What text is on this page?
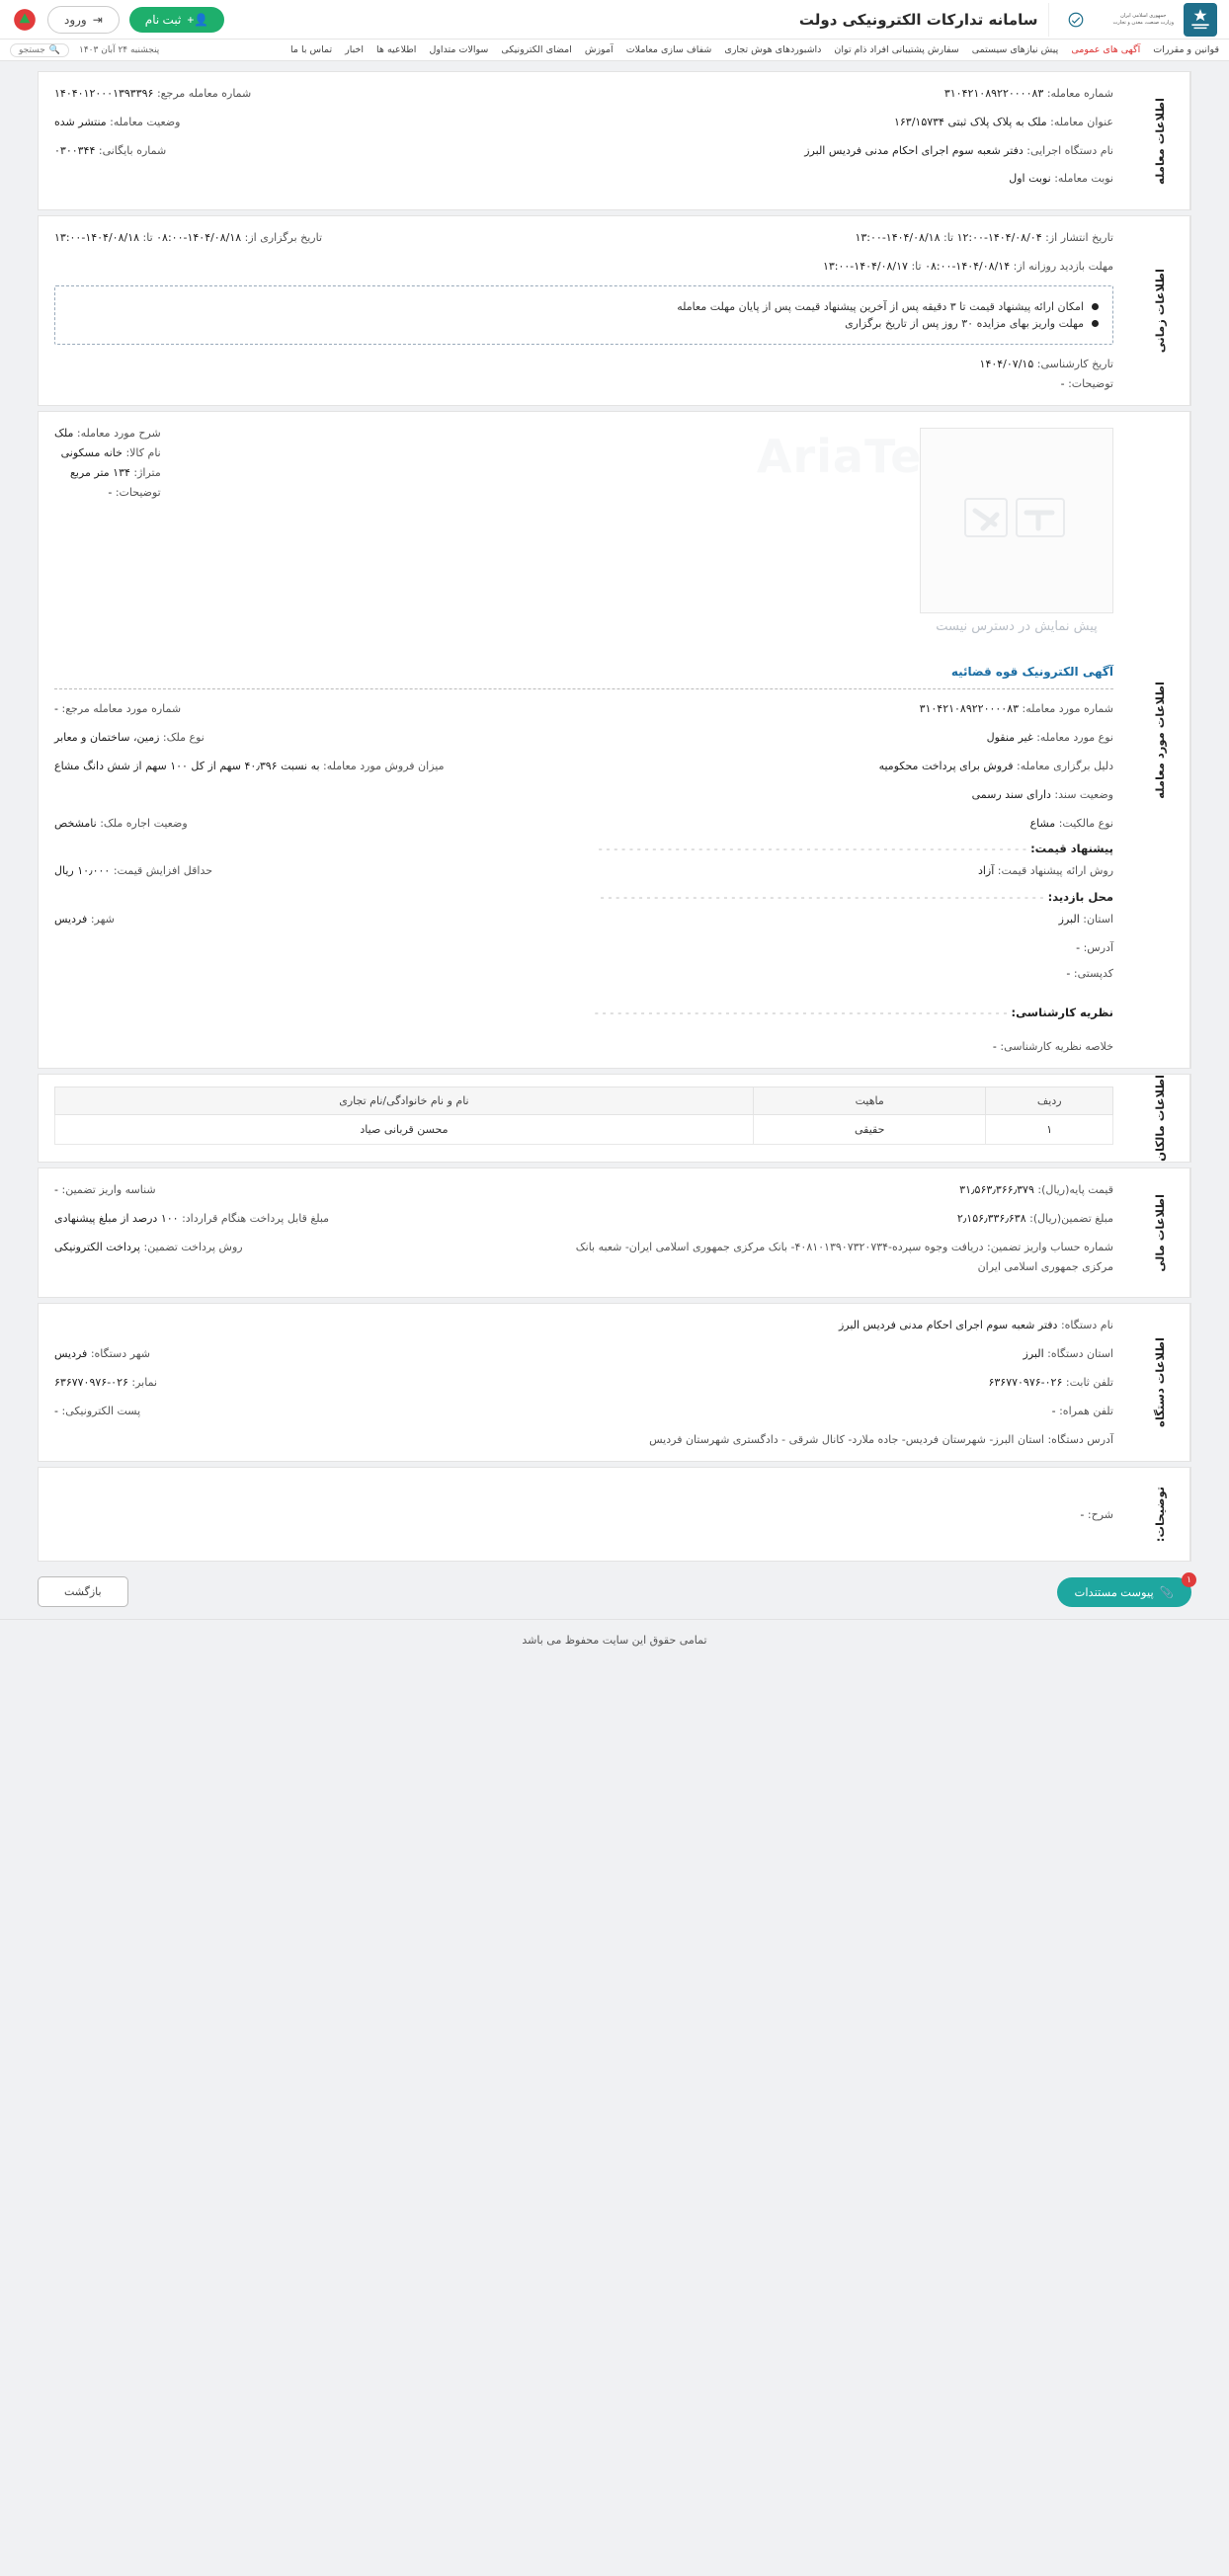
جمهوری اسلامی ایران
وزارت صنعت، معدن و تجارت
سامانه تدارکات الکترونیکی دولت
👤+
ثبت نام
⇥
ورود
قوانین و مقررات
آگهی های عمومی
پیش نیازهای سیستمی
سفارش پشتیبانی افراد ذام توان
داشبوردهای هوش تجاری
شفاف سازی معاملات
آموزش
امضای الکترونیکی
سوالات متداول
اطلاعیه ها
اخبار
تماس با ما
پنجشنبه ۲۴ آبان ۱۴۰۳
🔍
جستجو
اطلاعات معامله
شماره معامله: ۳۱۰۴۲۱۰۸۹۲۲۰۰۰۰۸۳
شماره معامله مرجع: ۱۴۰۴۰۱۲۰۰۰۱۳۹۳۳۹۶
عنوان معامله: ملک به پلاک پلاک ثبتی ۱۶۳/۱۵۷۳۴
وضعیت معامله: منتشر شده
نام دستگاه اجرایی: دفتر شعبه سوم اجرای احکام مدنی فردیس البرز
شماره بایگانی: ۰۳۰۰۳۴۴
نوبت معامله: نوبت اول
اطلاعات زمانی
تاریخ انتشار از: ۱۴۰۴/۰۸/۰۴-۱۲:۰۰ تا: ۱۴۰۴/۰۸/۱۸-۱۳:۰۰
تاریخ برگزاری از: ۱۴۰۴/۰۸/۱۸-۰۸:۰۰ تا: ۱۴۰۴/۰۸/۱۸-۱۳:۰۰
مهلت بازدید روزانه از: ۱۴۰۴/۰۸/۱۴-۰۸:۰۰ تا: ۱۴۰۴/۰۸/۱۷-۱۳:۰۰
امکان ارائه پیشنهاد قیمت تا ۳ دقیقه پس از آخرین پیشنهاد قیمت پس از پایان مهلت معامله
مهلت واریز بهای مزایده ۳۰ روز پس از تاریخ برگزاری
تاریخ کارشناسی: ۱۴۰۴/۰۷/۱۵
توضیحات: -
اطلاعات مورد معامله
AriaTender
شرح مورد معامله: ملک
نام کالا: خانه مسکونی
متراژ: ۱۳۴ متر مربع
توضیحات: -
پیش نمایش در دسترس نیست
آگهی الکترونیک قوه قضائیه
شماره مورد معامله: ۳۱۰۴۲۱۰۸۹۲۲۰۰۰۰۸۳
شماره مورد معامله مرجع: -
نوع مورد معامله: غیر منقول
نوع ملک: زمین، ساختمان و معابر
دلیل برگزاری معامله: فروش برای پرداخت محکومیه
میزان فروش مورد معامله: به نسبت ۴۰٫۳۹۶ سهم از کل ۱۰۰ سهم از شش دانگ مشاع
وضعیت سند: دارای سند رسمی
نوع مالکیت: مشاع
وضعیت اجاره ملک: نامشخص
پیشنهاد قیمت: - - - - - - - - - - - - - - - - - - - - - - - - - - - - - - - - - - - - - - - - - - - - - - - - - - - - - - - -
روش ارائه پیشنهاد قیمت: آزاد
حداقل افزایش قیمت: ۱۰٫۰۰۰ ریال
محل بازدید: - - - - - - - - - - - - - - - - - - - - - - - - - - - - - - - - - - - - - - - - - - - - - - - - - - - - - - - - - -
استان: البرز
شهر: فردیس
آدرس: -
کدپستی: -
نظریه کارشناسی: - - - - - - - - - - - - - - - - - - - - - - - - - - - - - - - - - - - - - - - - - - - - - - - - - - - - - -
خلاصه نظریه کارشناسی: -
اطلاعات مالکان
ردیف	ماهیت	نام و نام خانوادگی/نام تجاری
۱	حقیقی	محسن قربانی صیاد
اطلاعات مالی
قیمت پایه(ریال): ۳۱٫۵۶۳٫۳۶۶٫۳۷۹
شناسه واریز تضمین: -
مبلغ تضمین(ریال): ۲٫۱۵۶٫۳۳۶٫۶۳۸
مبلغ قابل پرداخت هنگام قرارداد: ۱۰۰ درصد از مبلغ پیشنهادی
شماره حساب واریز تضمین: دریافت وجوه سپرده-۴۰۸۱۰۱۳۹۰۷۳۲۰۷۳۴- بانک مرکزی جمهوری اسلامی ایران- شعبه بانک مرکزی جمهوری اسلامی ایران
روش پرداخت تضمین: پرداخت الکترونیکی
اطلاعات دستگاه
نام دستگاه: دفتر شعبه سوم اجرای احکام مدنی فردیس البرز
استان دستگاه: البرز
شهر دستگاه: فردیس
تلفن ثابت: ۰۲۶-۶۳۶۷۷۰۹۷۶
نمابر: ۰۲۶-۶۳۶۷۷۰۹۷۶
تلفن همراه: -
پست الکترونیکی: -
آدرس دستگاه: استان البرز- شهرستان فردیس- جاده ملارد- کانال شرقی - دادگستری شهرستان فردیس
توضیحات:
شرح: -
۱
📎
پیوست مستندات
بازگشت
تمامی حقوق این سایت محفوظ می باشد
